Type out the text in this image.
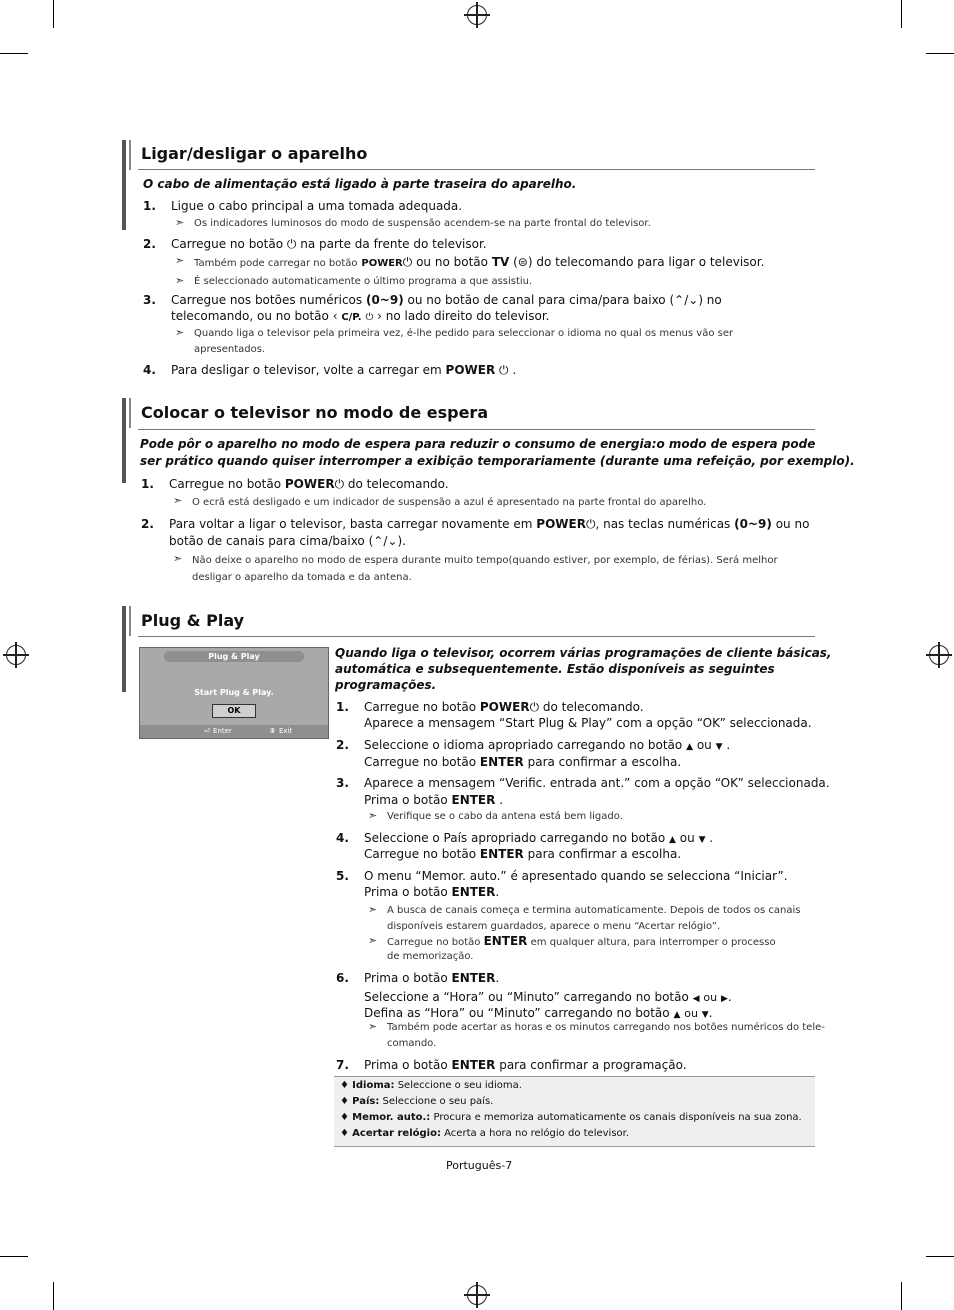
Ligar/desligar o aparelho
O cabo de alimentação está ligado à parte traseira do aparelho.
1. Ligue o cabo principal a uma tomada adequada.
➣ Os indicadores luminosos do modo de suspensão acendem-se na parte frontal do televisor.
2. Carregue no botão ⏻ na parte da frente do televisor.
➣ Também pode carregar no botão POWER⏻ ou no botão TV (⊜) do telecomando para ligar o televisor.
➣ É seleccionado automaticamente o último programa a que assistiu.
3. Carregue nos botões numéricos (0~9) ou no botão de canal para cima/para baixo (⌃/⌄) no
telecomando, ou no botão ‹ C/P. ⏻ › no lado direito do televisor.
➣ Quando liga o televisor pela primeira vez, é-lhe pedido para seleccionar o idioma no qual os menus vão ser
apresentados.
4. Para desligar o televisor, volte a carregar em POWER ⏻ .
Colocar o televisor no modo de espera
Pode pôr o aparelho no modo de espera para reduzir o consumo de energia:o modo de espera pode
ser prático quando quiser interromper a exibição temporariamente (durante uma refeição, por exemplo).
1. Carregue no botão POWER⏻ do telecomando.
➣ O ecrã está desligado e um indicador de suspensão a azul é apresentado na parte frontal do aparelho.
2. Para voltar a ligar o televisor, basta carregar novamente em POWER⏻, nas teclas numéricas (0~9) ou no
botão de canais para cima/baixo (⌃/⌄).
➣ Não deixe o aparelho no modo de espera durante muito tempo(quando estiver, por exemplo, de férias). Será melhor
desligar o aparelho da tomada e da antena.
Plug & Play
Plug & Play
Start Plug & Play.
OK
⏎ Enter	Ⅲ Exit
Quando liga o televisor, ocorrem várias programações de cliente básicas,
automática e subsequentemente. Estão disponíveis as seguintes
programações.
1. Carregue no botão POWER⏻ do telecomando.
Aparece a mensagem “Start Plug & Play” com a opção “OK” seleccionada.
2. Seleccione o idioma apropriado carregando no botão ▲ ou ▼ .
Carregue no botão ENTER para confirmar a escolha.
3. Aparece a mensagem “Verific. entrada ant.” com a opção “OK” seleccionada.
Prima o botão ENTER .
➣ Verifique se o cabo da antena está bem ligado.
4. Seleccione o País apropriado carregando no botão ▲ ou ▼ .
Carregue no botão ENTER para confirmar a escolha.
5. O menu “Memor. auto.” é apresentado quando se selecciona “Iniciar”.
Prima o botão ENTER.
➣ A busca de canais começa e termina automaticamente. Depois de todos os canais
disponíveis estarem guardados, aparece o menu “Acertar relógio”.
➣ Carregue no botão ENTER em qualquer altura, para interromper o processo
de memorização.
6. Prima o botão ENTER.
Seleccione a “Hora” ou “Minuto” carregando no botão ◀ ou ▶.
Defina as “Hora” ou “Minuto” carregando no botão ▲ ou ▼.
➣ Também pode acertar as horas e os minutos carregando nos botões numéricos do tele-
comando.
7. Prima o botão ENTER para confirmar a programação.
♦ Idioma: Seleccione o seu idioma.
♦ País: Seleccione o seu país.
♦ Memor. auto.: Procura e memoriza automaticamente os canais disponíveis na sua zona.
♦ Acertar relógio: Acerta a hora no relógio do televisor.
Português-7
